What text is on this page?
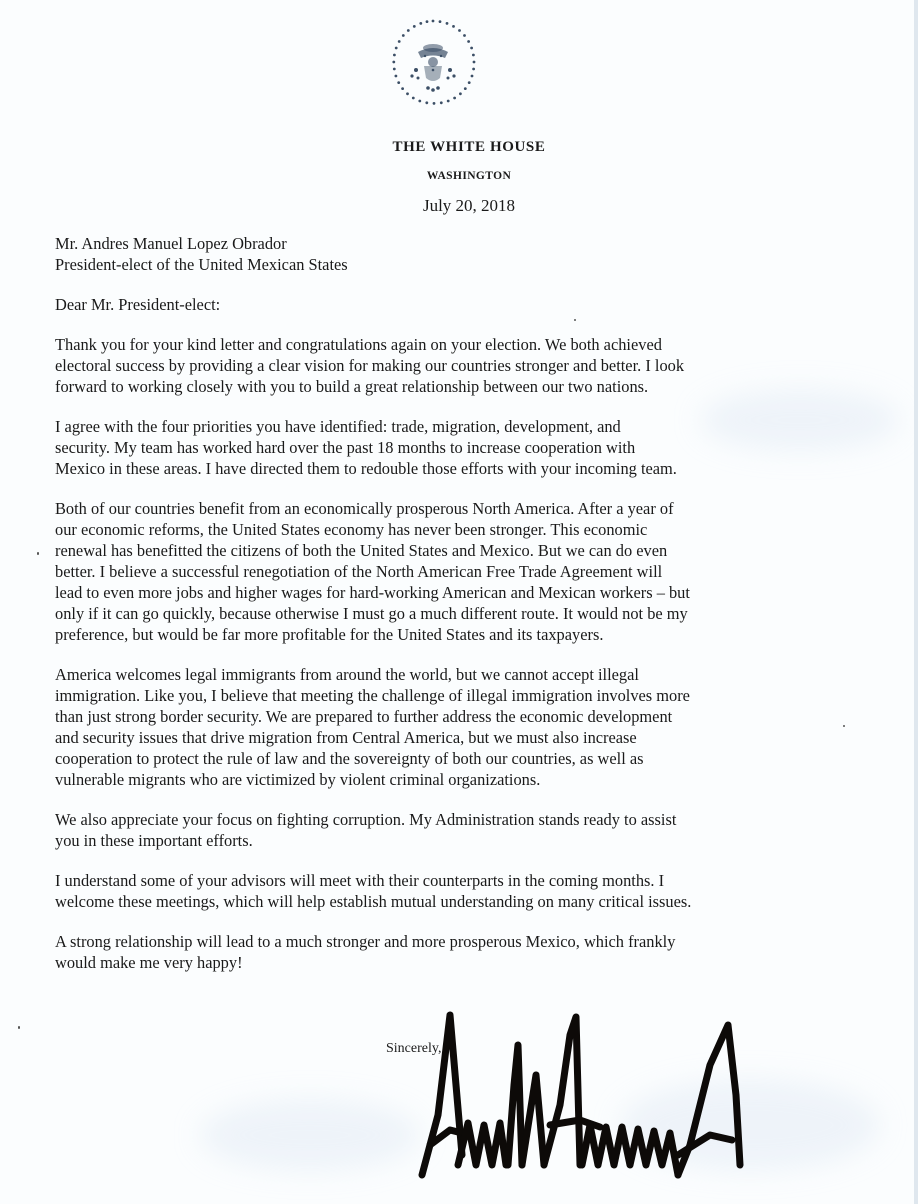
THE WHITE HOUSE
WASHINGTON
July 20, 2018

Mr. Andres Manuel Lopez Obrador
President-elect of the United Mexican States

Dear Mr. President-elect:

Thank you for your kind letter and congratulations again on your election. We both achieved
electoral success by providing a clear vision for making our countries stronger and better. I look
forward to working closely with you to build a great relationship between our two nations.

I agree with the four priorities you have identified: trade, migration, development, and
security. My team has worked hard over the past 18 months to increase cooperation with
Mexico in these areas. I have directed them to redouble those efforts with your incoming team.

Both of our countries benefit from an economically prosperous North America. After a year of
our economic reforms, the United States economy has never been stronger. This economic
renewal has benefitted the citizens of both the United States and Mexico. But we can do even
better. I believe a successful renegotiation of the North American Free Trade Agreement will
lead to even more jobs and higher wages for hard-working American and Mexican workers – but
only if it can go quickly, because otherwise I must go a much different route. It would not be my
preference, but would be far more profitable for the United States and its taxpayers.

America welcomes legal immigrants from around the world, but we cannot accept illegal
immigration. Like you, I believe that meeting the challenge of illegal immigration involves more
than just strong border security. We are prepared to further address the economic development
and security issues that drive migration from Central America, but we must also increase
cooperation to protect the rule of law and the sovereignty of both our countries, as well as
vulnerable migrants who are victimized by violent criminal organizations.

We also appreciate your focus on fighting corruption. My Administration stands ready to assist
you in these important efforts.

I understand some of your advisors will meet with their counterparts in the coming months. I
welcome these meetings, which will help establish mutual understanding on many critical issues.

A strong relationship will lead to a much stronger and more prosperous Mexico, which frankly
would make me very happy!

Sincerely,
